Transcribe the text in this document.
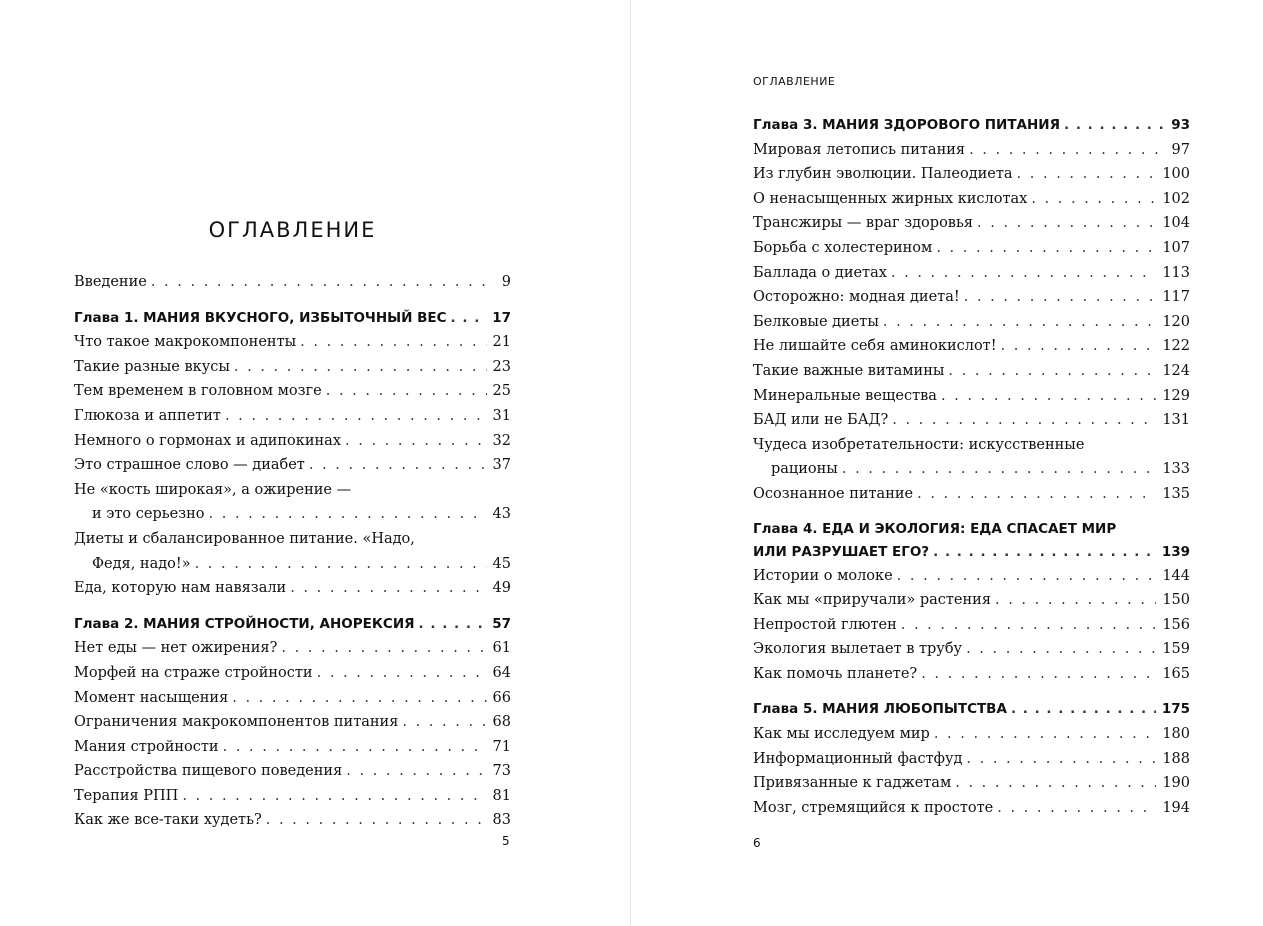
ОГЛАВЛЕНИЕ
Введение . . .	9
Глава 1. МАНИЯ ВКУСНОГО, ИЗБЫТОЧНЫЙ ВЕС . . .	17
Что такое макрокомпоненты . . .	21
Такие разные вкусы . . .	23
Тем временем в головном мозге . . .	25
Глюкоза и аппетит . . .	31
Немного о гормонах и адипокинах . . .	32
Это страшное слово — диабет . . .	37
Не «кость широкая», а ожирение —
и это серьезно . . .	43
Диеты и сбалансированное питание. «Надо,
Федя, надо!» . . .	45
Еда, которую нам навязали . . .	49
Глава 2. МАНИЯ СТРОЙНОСТИ, АНОРЕКСИЯ . . .	57
Нет еды — нет ожирения? . . .	61
Морфей на страже стройности . . .	64
Момент насыщения . . .	66
Ограничения макрокомпонентов питания . . .	68
Мания стройности . . .	71
Расстройства пищевого поведения . . .	73
Терапия РПП . . .	81
Как же все-таки худеть? . . .	83
5
ОГЛАВЛЕНИЕ
Глава 3. МАНИЯ ЗДОРОВОГО ПИТАНИЯ . . .	93
Мировая летопись питания . . .	97
Из глубин эволюции. Палеодиета . . .	100
О ненасыщенных жирных кислотах . . .	102
Трансжиры — враг здоровья . . .	104
Борьба с холестерином . . .	107
Баллада о диетах . . .	113
Осторожно: модная диета! . . .	117
Белковые диеты . . .	120
Не лишайте себя аминокислот! . . .	122
Такие важные витамины . . .	124
Минеральные вещества . . .	129
БАД или не БАД? . . .	131
Чудеса изобретательности: искусственные
рационы . . .	133
Осознанное питание . . .	135
Глава 4. ЕДА И ЭКОЛОГИЯ: ЕДА СПАСАЕТ МИР
ИЛИ РАЗРУШАЕТ ЕГО? . . .	139
Истории о молоке . . .	144
Как мы «приручали» растения . . .	150
Непростой глютен . . .	156
Экология вылетает в трубу . . .	159
Как помочь планете? . . .	165
Глава 5. МАНИЯ ЛЮБОПЫТСТВА . . .	175
Как мы исследуем мир . . .	180
Информационный фастфуд . . .	188
Привязанные к гаджетам . . .	190
Мозг, стремящийся к простоте . . .	194
6
